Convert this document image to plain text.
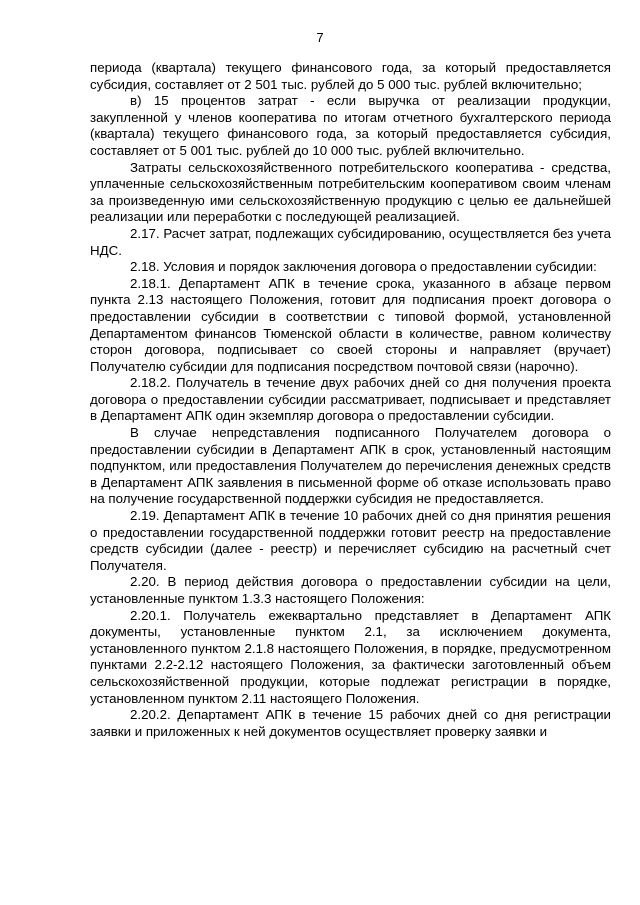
7

периода (квартала) текущего финансового года, за который предоставляется субсидия, составляет от 2 501 тыс. рублей до 5 000 тыс. рублей включительно;

в) 15 процентов затрат - если выручка от реализации продукции, закупленной у членов кооператива по итогам отчетного бухгалтерского периода (квартала) текущего финансового года, за который предоставляется субсидия, составляет от 5 001 тыс. рублей до 10 000 тыс. рублей включительно.

Затраты сельскохозяйственного потребительского кооператива - средства, уплаченные сельскохозяйственным потребительским кооперативом своим членам за произведенную ими сельскохозяйственную продукцию с целью ее дальнейшей реализации или переработки с последующей реализацией.

2.17. Расчет затрат, подлежащих субсидированию, осуществляется без учета НДС.

2.18. Условия и порядок заключения договора о предоставлении субсидии:

2.18.1. Департамент АПК в течение срока, указанного в абзаце первом пункта 2.13 настоящего Положения, готовит для подписания проект договора о предоставлении субсидии в соответствии с типовой формой, установленной Департаментом финансов Тюменской области в количестве, равном количеству сторон договора, подписывает со своей стороны и направляет (вручает) Получателю субсидии для подписания посредством почтовой связи (нарочно).

2.18.2. Получатель в течение двух рабочих дней со дня получения проекта договора о предоставлении субсидии рассматривает, подписывает и представляет в Департамент АПК один экземпляр договора о предоставлении субсидии.

В случае непредставления подписанного Получателем договора о предоставлении субсидии в Департамент АПК в срок, установленный настоящим подпунктом, или предоставления Получателем до перечисления денежных средств в Департамент АПК заявления в письменной форме об отказе использовать право на получение государственной поддержки субсидия не предоставляется.

2.19. Департамент АПК в течение 10 рабочих дней со дня принятия решения о предоставлении государственной поддержки готовит реестр на предоставление средств субсидии (далее - реестр) и перечисляет субсидию на расчетный счет Получателя.

2.20. В период действия договора о предоставлении субсидии на цели, установленные пунктом 1.3.3 настоящего Положения:

2.20.1. Получатель ежеквартально представляет в Департамент АПК документы, установленные пунктом 2.1, за исключением документа, установленного пунктом 2.1.8 настоящего Положения, в порядке, предусмотренном пунктами 2.2-2.12 настоящего Положения, за фактически заготовленный объем сельскохозяйственной продукции, которые подлежат регистрации в порядке, установленном пунктом 2.11 настоящего Положения.

2.20.2. Департамент АПК в течение 15 рабочих дней со дня регистрации заявки и приложенных к ней документов осуществляет проверку заявки и
